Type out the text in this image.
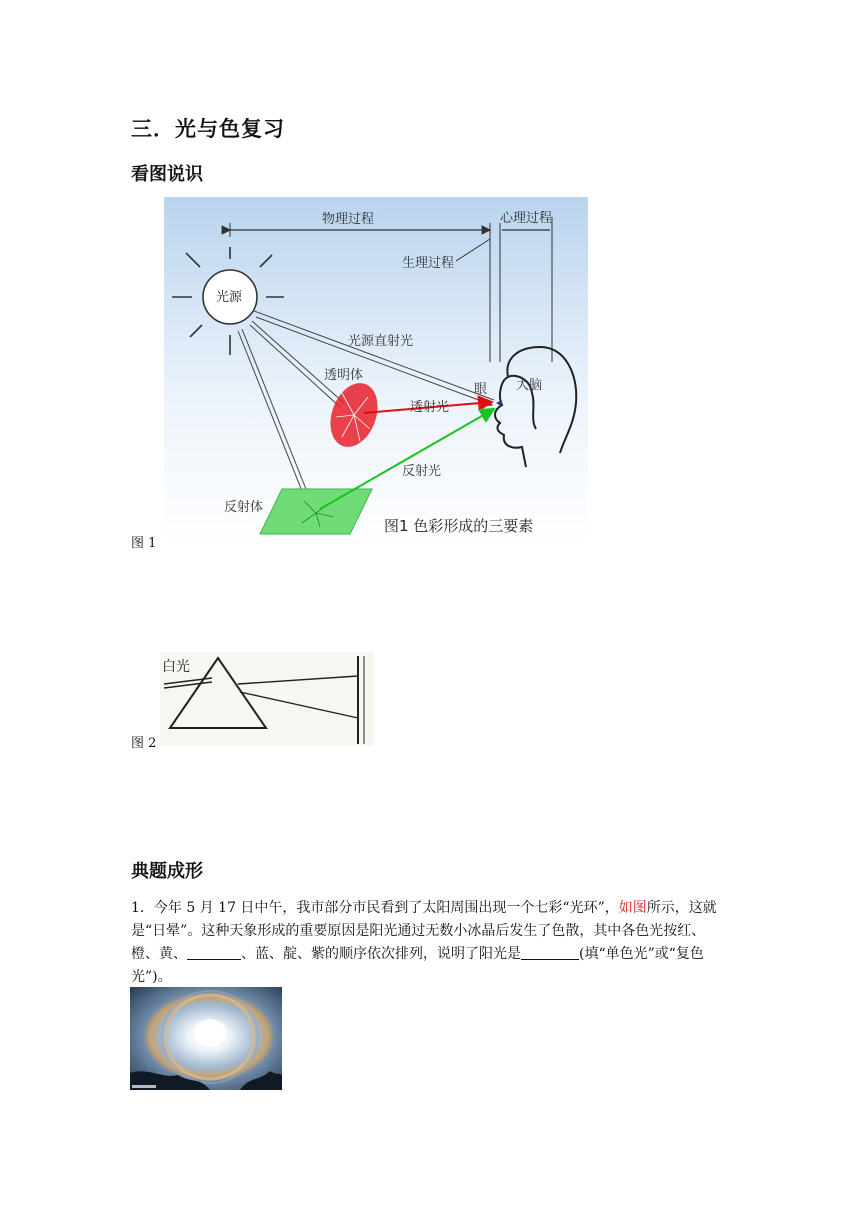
三．光与色复习
看图说识
物理过程	心理过程
生理过程
光源
光源直射光
透明体
透射光
反射体
反射光
眼 大脑
图1 色彩形成的三要素
图 1
白光
图 2
典题成形
1．今年 5 月 17 日中午，我市部分市民看到了太阳周围出现一个七彩“光环”，如图所示，这就是“日晕”。这种天象形成的重要原因是阳光通过无数小冰晶后发生了色散，其中各色光按红、橙、黄、	、蓝、靛、紫的顺序依次排列，说明了阳光是	(填“单色光”或“复色光”)。
